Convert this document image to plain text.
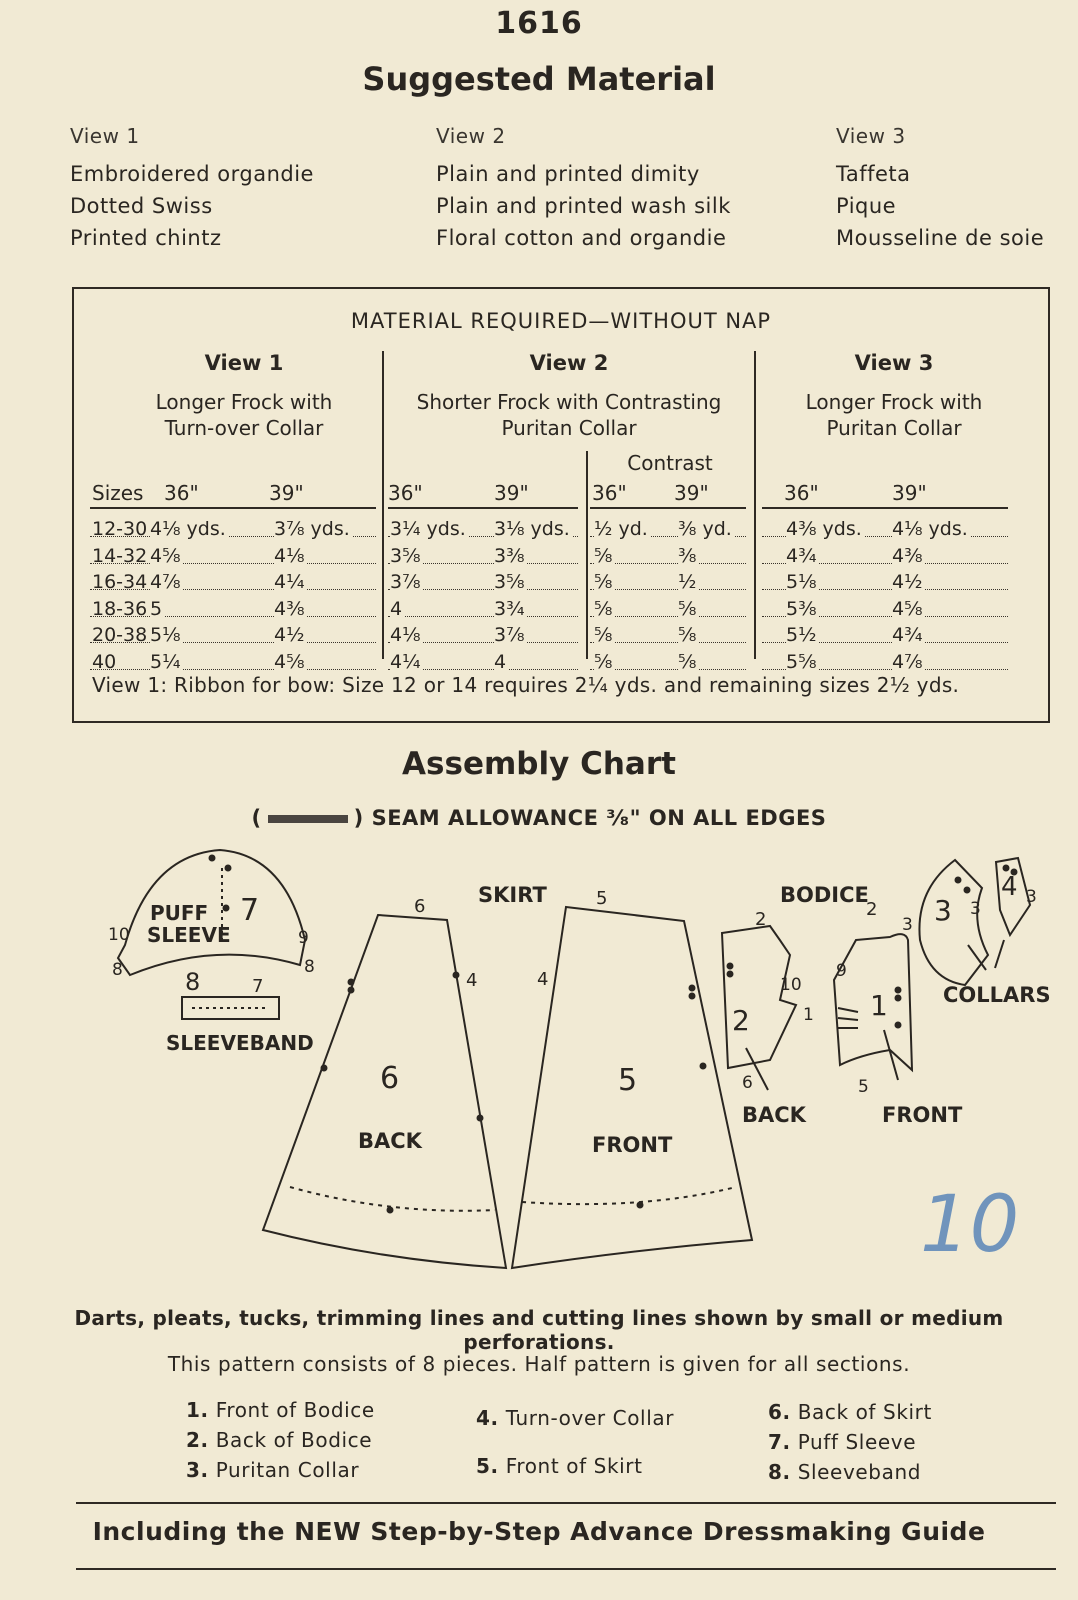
1616
Suggested Material
View 1
Embroidered organdie
Dotted Swiss
Printed chintz
View 2
Plain and printed dimity
Plain and printed wash silk
Floral cotton and organdie
View 3
Taffeta
Pique
Mousseline de soie
MATERIAL REQUIRED—WITHOUT NAP
View 1
Longer Frock with
Turn-over Collar
View 2
Shorter Frock with Contrasting
Puritan Collar
View 3
Longer Frock with
Puritan Collar
Contrast
Sizes 36"	39"	36"	39"	36" 39"	36"	39"
12-30 4¹⁄₈ yds.	3⁷⁄₈ yds. 3¹⁄₄ yds. 3¹⁄₈ yds. ¹⁄₂ yd. ³⁄₈ yd.	4³⁄₈ yds. 4¹⁄₈ yds.
14-32 4⁵⁄₈	4¹⁄₈	3⁵⁄₈	3³⁄₈	⁵⁄₈	³⁄₈	4³⁄₄	4³⁄₈
16-34 4⁷⁄₈	4¹⁄₄	3⁷⁄₈	3⁵⁄₈	⁵⁄₈	¹⁄₂	5¹⁄₈	4¹⁄₂
18-36 5	4³⁄₈	4	3³⁄₄	⁵⁄₈	⁵⁄₈	5³⁄₈	4⁵⁄₈
20-38 5¹⁄₈	4¹⁄₂	4¹⁄₈	3⁷⁄₈	⁵⁄₈	⁵⁄₈	5¹⁄₂	4³⁄₄
40 5¹⁄₄	4⁵⁄₈	4¹⁄₄	4	⁵⁄₈	⁵⁄₈	5⁵⁄₈	4⁷⁄₈
View 1: Ribbon for bow: Size 12 or 14 requires 2¹⁄₄ yds. and remaining sizes 2¹⁄₂ yds.
Assembly Chart
(	) SEAM ALLOWANCE ³⁄₈" ON ALL EDGES
PUFF
SLEEVE
7
10
8
9
8
8	7
SLEEVEBAND
6
4
6
BACK
SKIRT	5
4
5
FRONT
2
10
1
2
6
BACK
BODICE
2
3
9
1
5
FRONT
3 3
4 3
COLLARS
10
Darts, pleats, tucks, trimming lines and cutting lines shown by small or medium perforations.
This pattern consists of 8 pieces. Half pattern is given for all sections.
1. Front of Bodice
2. Back of Bodice
3. Puritan Collar
4. Turn-over Collar
5. Front of Skirt
6. Back of Skirt
7. Puff Sleeve
8. Sleeveband
Including the NEW Step-by-Step Advance Dressmaking Guide
